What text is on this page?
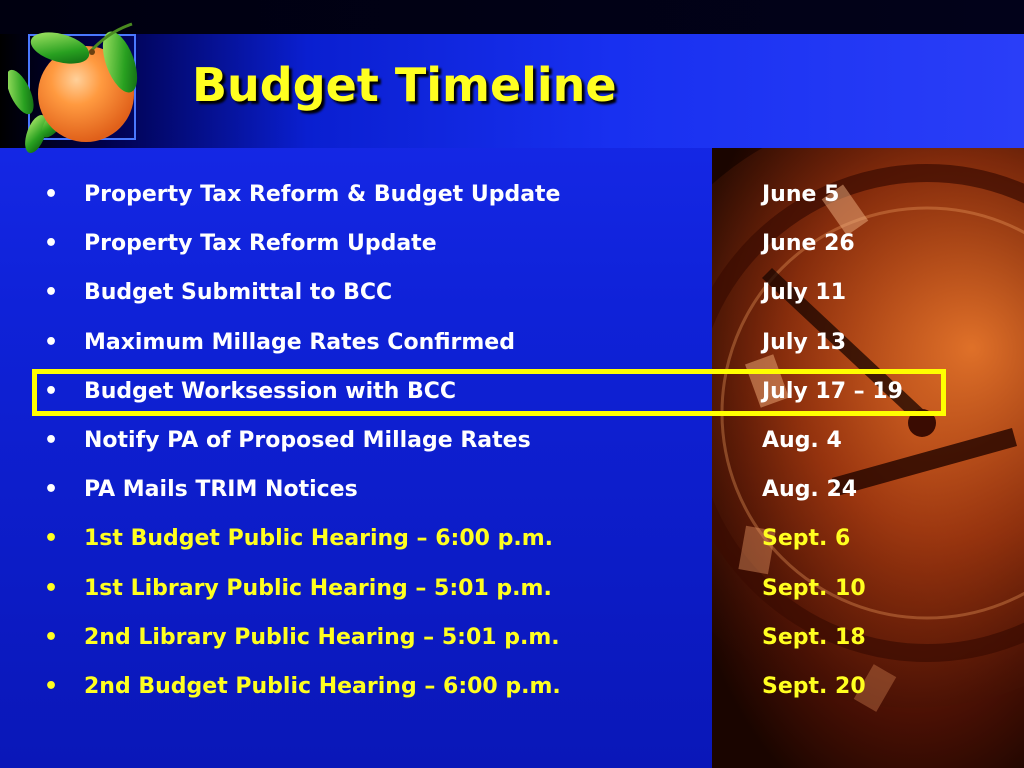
Budget Timeline
• Property Tax Reform & Budget Update	June 5
• Property Tax Reform Update	June 26
• Budget Submittal to BCC	July 11
• Maximum Millage Rates Confirmed	July 13
• Budget Worksession with BCC	July 17 – 19
• Notify PA of Proposed Millage Rates	Aug. 4
• PA Mails TRIM Notices	Aug. 24
• 1st Budget Public Hearing – 6:00 p.m.	Sept. 6
• 1st Library Public Hearing – 5:01 p.m.	Sept. 10
• 2nd Library Public Hearing – 5:01 p.m.	Sept. 18
• 2nd Budget Public Hearing – 6:00 p.m.	Sept. 20
